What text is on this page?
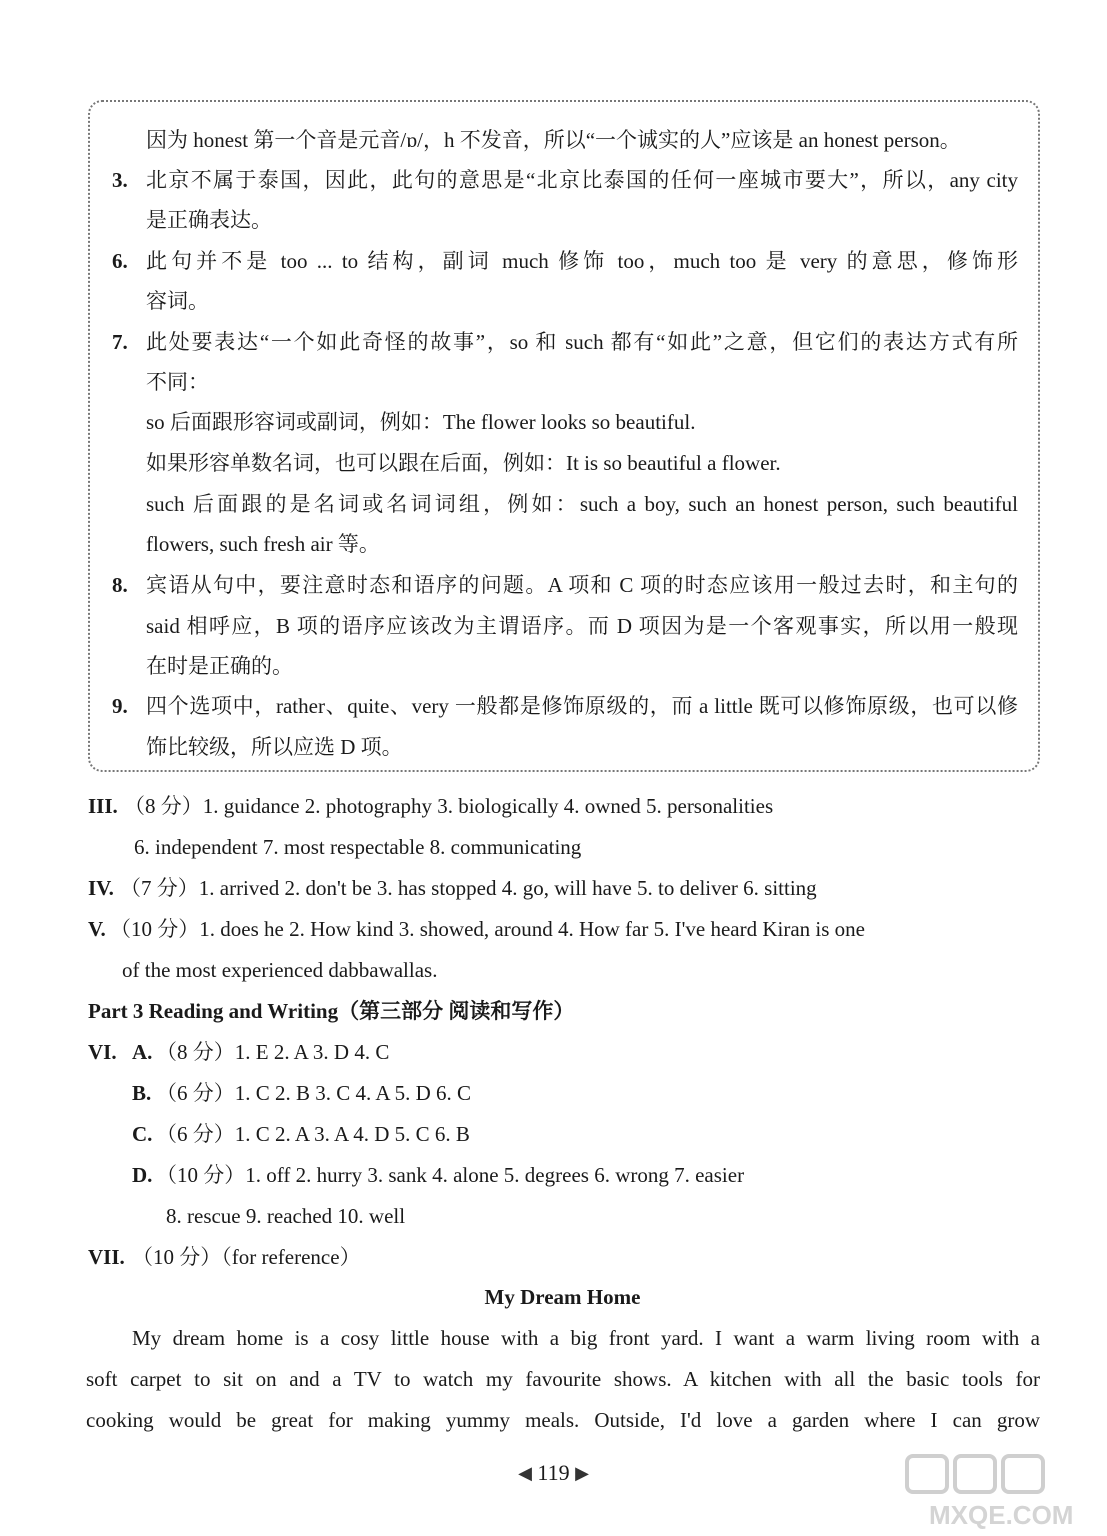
因为 honest 第一个音是元音/ɒ/，h 不发音，所以“一个诚实的人”应该是 an honest person。
3. 北京不属于泰国，因此，此句的意思是“北京比泰国的任何一座城市要大”，所以，any city
是正确表达。
6. 此句并不是 too ... to 结构，副词 much 修饰 too，much too 是 very 的意思，修饰形
容词。
7. 此处要表达“一个如此奇怪的故事”，so 和 such 都有“如此”之意，但它们的表达方式有所
不同：
so 后面跟形容词或副词，例如：The flower looks so beautiful.
如果形容单数名词，也可以跟在后面，例如：It is so beautiful a flower.
such 后面跟的是名词或名词词组，例如：such a boy, such an honest person, such beautiful
flowers, such fresh air 等。
8. 宾语从句中，要注意时态和语序的问题。A 项和 C 项的时态应该用一般过去时，和主句的
said 相呼应，B 项的语序应该改为主谓语序。而 D 项因为是一个客观事实，所以用一般现
在时是正确的。
9. 四个选项中，rather、quite、very 一般都是修饰原级的，而 a little 既可以修饰原级，也可以修
饰比较级，所以应选 D 项。
III. （8 分）1. guidance 2. photography 3. biologically 4. owned 5. personalities
6. independent 7. most respectable 8. communicating
IV. （7 分）1. arrived 2. don't be 3. has stopped 4. go, will have 5. to deliver 6. sitting
V. （10 分）1. does he 2. How kind 3. showed, around 4. How far 5. I've heard Kiran is one
of the most experienced dabbawallas.
Part 3 Reading and Writing（第三部分 阅读和写作）
VI. A. （8 分）1. E 2. A 3. D 4. C
B. （6 分）1. C 2. B 3. C 4. A 5. D 6. C
C. （6 分）1. C 2. A 3. A 4. D 5. C 6. B
D. （10 分）1. off 2. hurry 3. sank 4. alone 5. degrees 6. wrong 7. easier
8. rescue 9. reached 10. well
VII. （10 分）（for reference）
My Dream Home
My dream home is a cosy little house with a big front yard. I want a warm living room with a
soft carpet to sit on and a TV to watch my favourite shows. A kitchen with all the basic tools for
cooking would be great for making yummy meals. Outside, I'd love a garden where I can grow
◀ 119 ▶
MXQE.COM
